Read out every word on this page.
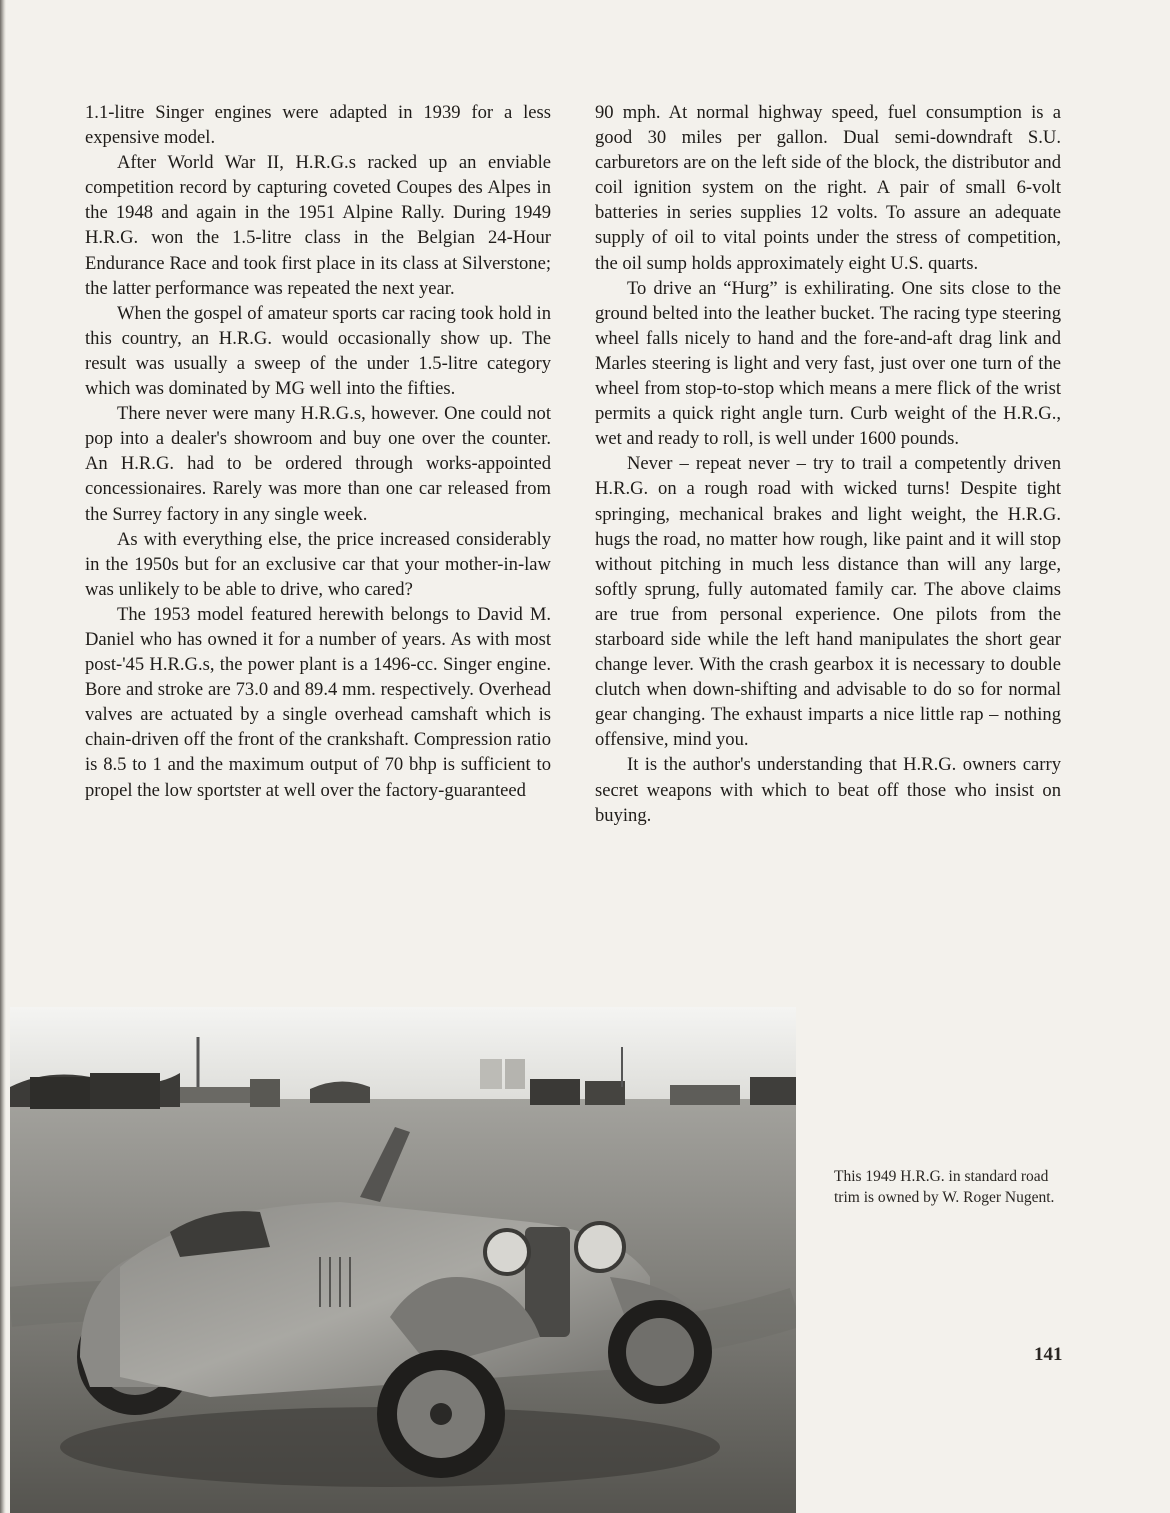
1.1-litre Singer engines were adapted in 1939 for a less expensive model.

After World War II, H.R.G.s racked up an enviable competition record by capturing coveted Coupes des Alpes in the 1948 and again in the 1951 Alpine Rally. During 1949 H.R.G. won the 1.5-litre class in the Belgian 24-Hour Endurance Race and took first place in its class at Silverstone; the latter performance was repeated the next year.

When the gospel of amateur sports car racing took hold in this country, an H.R.G. would occasionally show up. The result was usually a sweep of the under 1.5-litre category which was dominated by MG well into the fifties.

There never were many H.R.G.s, however. One could not pop into a dealer's showroom and buy one over the counter. An H.R.G. had to be ordered through works-appointed concessionaires. Rarely was more than one car released from the Surrey factory in any single week.

As with everything else, the price increased considerably in the 1950s but for an exclusive car that your mother-in-law was unlikely to be able to drive, who cared?

The 1953 model featured herewith belongs to David M. Daniel who has owned it for a number of years. As with most post-'45 H.R.G.s, the power plant is a 1496-cc. Singer engine. Bore and stroke are 73.0 and 89.4 mm. respectively. Overhead valves are actuated by a single overhead camshaft which is chain-driven off the front of the crankshaft. Compression ratio is 8.5 to 1 and the maximum output of 70 bhp is sufficient to propel the low sportster at well over the factory-guaranteed

90 mph. At normal highway speed, fuel consumption is a good 30 miles per gallon. Dual semi-downdraft S.U. carburetors are on the left side of the block, the distributor and coil ignition system on the right. A pair of small 6-volt batteries in series supplies 12 volts. To assure an adequate supply of oil to vital points under the stress of competition, the oil sump holds approximately eight U.S. quarts.

To drive an “Hurg” is exhilirating. One sits close to the ground belted into the leather bucket. The racing type steering wheel falls nicely to hand and the fore-and-aft drag link and Marles steering is light and very fast, just over one turn of the wheel from stop-to-stop which means a mere flick of the wrist permits a quick right angle turn. Curb weight of the H.R.G., wet and ready to roll, is well under 1600 pounds.

Never – repeat never – try to trail a competently driven H.R.G. on a rough road with wicked turns! Despite tight springing, mechanical brakes and light weight, the H.R.G. hugs the road, no matter how rough, like paint and it will stop without pitching in much less distance than will any large, softly sprung, fully automated family car. The above claims are true from personal experience. One pilots from the starboard side while the left hand manipulates the short gear change lever. With the crash gearbox it is necessary to double clutch when down-shifting and advisable to do so for normal gear changing. The exhaust imparts a nice little rap – nothing offensive, mind you.

It is the author's understanding that H.R.G. owners carry secret weapons with which to beat off those who insist on buying.

This 1949 H.R.G. in standard road
trim is owned by W. Roger Nugent.
141
